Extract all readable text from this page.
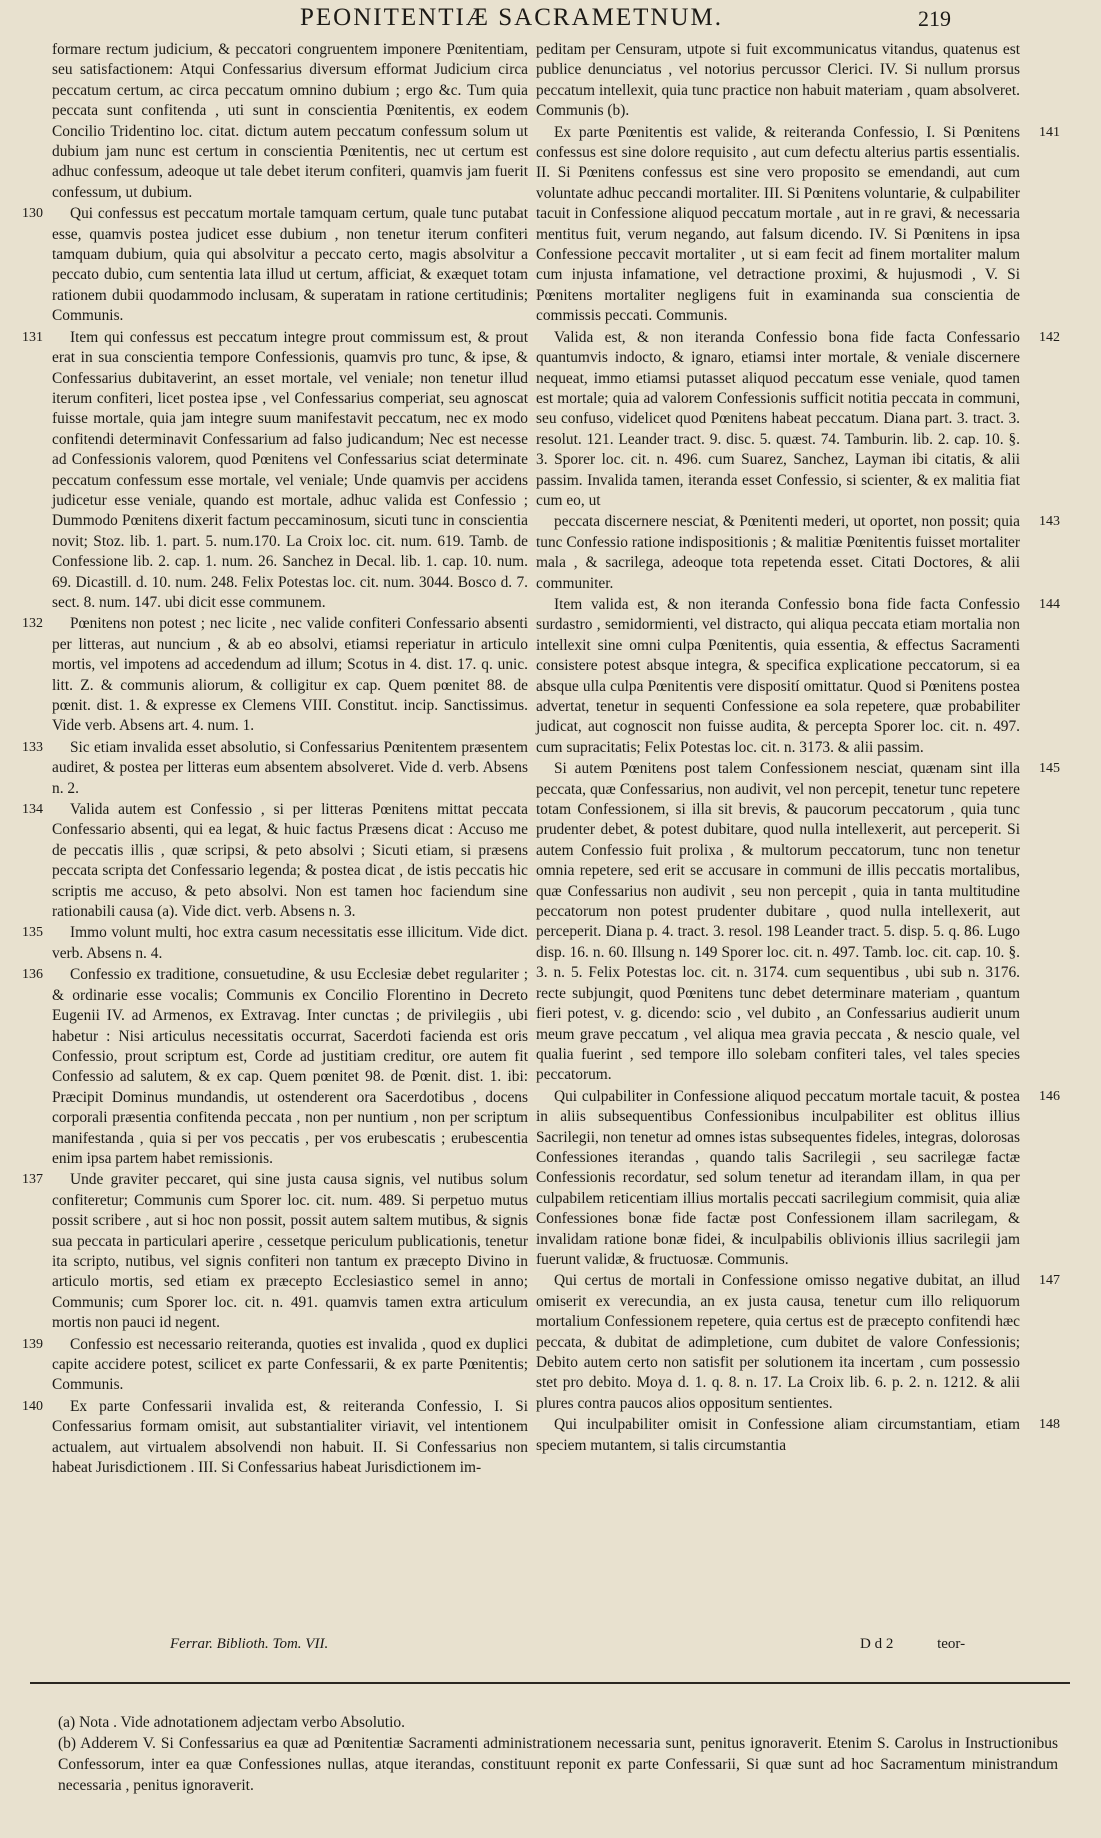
PEONITENTIÆ SACRAMETNUM.	219

formare rectum judicium, & peccatori congruentem imponere Pœnitentiam, seu satisfactionem: Atqui Confessarius diversum efformat Judicium circa peccatum certum, ac circa peccatum omnino dubium ; ergo &c. Tum quia peccata sunt confitenda , uti sunt in conscientia Pœnitentis, ex eodem Concilio Tridentino loc. citat. dictum autem peccatum confessum solum ut dubium jam nunc est certum in conscientia Pœnitentis, nec ut certum est adhuc confessum, adeoque ut tale debet iterum confiteri, quamvis jam fuerit confessum, ut dubium.

130 Qui confessus est peccatum mortale tamquam certum, quale tunc putabat esse, quamvis postea judicet esse dubium , non tenetur iterum confiteri tamquam dubium, quia qui absolvitur a peccato certo, magis absolvitur a peccato dubio, cum sententia lata illud ut certum, afficiat, & exæquet totam rationem dubii quodammodo inclusam, & superatam in ratione certitudinis; Communis.

131 Item qui confessus est peccatum integre prout commissum est, & prout erat in sua conscientia tempore Confessionis, quamvis pro tunc, & ipse, & Confessarius dubitaverint, an esset mortale, vel veniale; non tenetur illud iterum confiteri, licet postea ipse , vel Confessarius comperiat, seu agnoscat fuisse mortale, quia jam integre suum manifestavit peccatum, nec ex modo confitendi determinavit Confessarium ad falso judicandum; Nec est necesse ad Confessionis valorem, quod Pœnitens vel Confessarius sciat determinate peccatum confessum esse mortale, vel veniale; Unde quamvis per accidens judicetur esse veniale, quando est mortale, adhuc valida est Confessio ; Dummodo Pœnitens dixerit factum peccaminosum, sicuti tunc in conscientia novit; Stoz. lib. 1. part. 5. num.170. La Croix loc. cit. num. 619. Tamb. de Confessione lib. 2. cap. 1. num. 26. Sanchez in Decal. lib. 1. cap. 10. num. 69. Dicastill. d. 10. num. 248. Felix Potestas loc. cit. num. 3044. Bosco d. 7. sect. 8. num. 147. ubi dicit esse communem.

132 Pœnitens non potest ; nec licite , nec valide confiteri Confessario absenti per litteras, aut nuncium , & ab eo absolvi, etiamsi reperiatur in articulo mortis, vel impotens ad accedendum ad illum; Scotus in 4. dist. 17. q. unic. litt. Z. & communis aliorum, & colligitur ex cap. Quem pœnitet 88. de pœnit. dist. 1. & expresse ex Clemens VIII. Constitut. incip. Sanctissimus. Vide verb. Absens art. 4. num. 1.

133 Sic etiam invalida esset absolutio, si Confessarius Pœnitentem præsentem audiret, & postea per litteras eum absentem absolveret. Vide d. verb. Absens n. 2.

134 Valida autem est Confessio , si per litteras Pœnitens mittat peccata Confessario absenti, qui ea legat, & huic factus Præsens dicat : Accuso me de peccatis illis , quæ scripsi, & peto absolvi ; Sicuti etiam, si præsens peccata scripta det Confessario legenda; & postea dicat , de istis peccatis hic scriptis me accuso, & peto absolvi. Non est tamen hoc faciendum sine rationabili causa (a). Vide dict. verb. Absens n. 3.

135 Immo volunt multi, hoc extra casum necessitatis esse illicitum. Vide dict. verb. Absens n. 4.

136 Confessio ex traditione, consuetudine, & usu Ecclesiæ debet regulariter ; & ordinarie esse vocalis; Communis ex Concilio Florentino in Decreto Eugenii IV. ad Armenos, ex Extravag. Inter cunctas ; de privilegiis , ubi habetur : Nisi articulus necessitatis occurrat, Sacerdoti facienda est oris Confessio, prout scriptum est, Corde ad justitiam creditur, ore autem fit Confessio ad salutem, & ex cap. Quem pœnitet 98. de Pœnit. dist. 1. ibi: Præcipit Dominus mundandis, ut ostenderent ora Sacerdotibus , docens corporali præsentia confitenda peccata , non per nuntium , non per scriptum manifestanda , quia si per vos peccatis , per vos erubescatis ; erubescentia enim ipsa partem habet remissionis.

137 Unde graviter peccaret, qui sine justa causa signis, vel nutibus solum confiteretur; Communis cum Sporer loc. cit. num. 489. Si perpetuo mutus possit scribere , aut si hoc non possit, possit autem saltem mutibus, & signis sua peccata in particulari aperire , cessetque periculum publicationis, tenetur ita scripto, nutibus, vel signis confiteri non tantum ex præcepto Divino in articulo mortis, sed etiam ex præcepto Ecclesiastico semel in anno; Communis; cum Sporer loc. cit. n. 491. quamvis tamen extra articulum mortis non pauci id negent.

139 Confessio est necessario reiteranda, quoties est invalida , quod ex duplici capite accidere potest, scilicet ex parte Confessarii, & ex parte Pœnitentis; Communis.

140 Ex parte Confessarii invalida est, & reiteranda Confessio, I. Si Confessarius formam omisit, aut substantialiter viriavit, vel intentionem actualem, aut virtualem absolvendi non habuit. II. Si Confessarius non habeat Jurisdictionem . III. Si Confessarius habeat Jurisdictionem im-

peditam per Censuram, utpote si fuit excommunicatus vitandus, quatenus est publice denunciatus , vel notorius percussor Clerici. IV. Si nullum prorsus peccatum intellexit, quia tunc practice non habuit materiam , quam absolveret. Communis (b).

141
Ex parte Pœnitentis est valide, & reiteranda Confessio, I. Si Pœnitens confessus est sine dolore requisito , aut cum defectu alterius partis essentialis. II. Si Pœnitens confessus est sine vero proposito se emendandi, aut cum voluntate adhuc peccandi mortaliter. III. Si Pœnitens voluntarie, & culpabiliter tacuit in Confessione aliquod peccatum mortale , aut in re gravi, & necessaria mentitus fuit, verum negando, aut falsum dicendo. IV. Si Pœnitens in ipsa Confessione peccavit mortaliter , ut si eam fecit ad finem mortaliter malum cum injusta infamatione, vel detractione proximi, & hujusmodi , V. Si Pœnitens mortaliter negligens fuit in examinanda sua conscientia de commissis peccati. Communis.

142
Valida est, & non iteranda Confessio bona fide facta Confessario quantumvis indocto, & ignaro, etiamsi inter mortale, & veniale discernere nequeat, immo etiamsi putasset aliquod peccatum esse veniale, quod tamen est mortale; quia ad valorem Confessionis sufficit notitia peccata in communi, seu confuso, videlicet quod Pœnitens habeat peccatum. Diana part. 3. tract. 3. resolut. 121. Leander tract. 9. disc. 5. quæst. 74. Tamburin. lib. 2. cap. 10. §. 3. Sporer loc. cit. n. 496. cum Suarez, Sanchez, Layman ibi citatis, & alii passim. Invalida tamen, iteranda esset Confessio, si scienter, & ex malitia fiat cum eo, ut

143
peccata discernere nesciat, & Pœnitenti mederi, ut oportet, non possit; quia tunc Confessio ratione indispositionis ; & malitiæ Pœnitentis fuisset mortaliter mala , & sacrilega, adeoque tota repetenda esset. Citati Doctores, & alii communiter.

144
Item valida est, & non iteranda Confessio bona fide facta Confessio surdastro , semidormienti, vel distracto, qui aliqua peccata etiam mortalia non intellexit sine omni culpa Pœnitentis, quia essentia, & effectus Sacramenti consistere potest absque integra, & specifica explicatione peccatorum, si ea absque ulla culpa Pœnitentis vere disposití omittatur. Quod si Pœnitens postea advertat, tenetur in sequenti Confessione ea sola repetere, quæ probabiliter judicat, aut cognoscit non fuisse audita, & percepta Sporer loc. cit. n. 497. cum supracitatis; Felix Potestas loc. cit. n. 3173. & alii passim.

145
Si autem Pœnitens post talem Confessionem nesciat, quænam sint illa peccata, quæ Confessarius, non audivit, vel non percepit, tenetur tunc repetere totam Confessionem, si illa sit brevis, & paucorum peccatorum , quia tunc prudenter debet, & potest dubitare, quod nulla intellexerit, aut perceperit. Si autem Confessio fuit prolixa , & multorum peccatorum, tunc non tenetur omnia repetere, sed erit se accusare in communi de illis peccatis mortalibus, quæ Confessarius non audivit , seu non percepit , quia in tanta multitudine peccatorum non potest prudenter dubitare , quod nulla intellexerit, aut perceperit. Diana p. 4. tract. 3. resol. 198 Leander tract. 5. disp. 5. q. 86. Lugo disp. 16. n. 60. Illsung n. 149 Sporer loc. cit. n. 497. Tamb. loc. cit. cap. 10. §. 3. n. 5. Felix Potestas loc. cit. n. 3174. cum sequentibus , ubi sub n. 3176. recte subjungit, quod Pœnitens tunc debet determinare materiam , quantum fieri potest, v. g. dicendo: scio , vel dubito , an Confessarius audierit unum meum grave peccatum , vel aliqua mea gravia peccata , & nescio quale, vel qualia fuerint , sed tempore illo solebam confiteri tales, vel tales species peccatorum.

146
Qui culpabiliter in Confessione aliquod peccatum mortale tacuit, & postea in aliis subsequentibus Confessionibus inculpabiliter est oblitus illius Sacrilegii, non tenetur ad omnes istas subsequentes fideles, integras, dolorosas Confessiones iterandas , quando talis Sacrilegii , seu sacrilegæ factæ Confessionis recordatur, sed solum tenetur ad iterandam illam, in qua per culpabilem reticentiam illius mortalis peccati sacrilegium commisit, quia aliæ Confessiones bonæ fide factæ post Confessionem illam sacrilegam, & invalidam ratione bonæ fidei, & inculpabilis oblivionis illius sacrilegii jam fuerunt validæ, & fructuosæ. Communis.

147
Qui certus de mortali in Confessione omisso negative dubitat, an illud omiserit ex verecundia, an ex justa causa, tenetur cum illo reliquorum mortalium Confessionem repetere, quia certus est de præcepto confitendi hæc peccata, & dubitat de adimpletione, cum dubitet de valore Confessionis; Debito autem certo non satisfit per solutionem ita incertam , cum possessio stet pro debito. Moya d. 1. q. 8. n. 17. La Croix lib. 6. p. 2. n. 1212. & alii plures contra paucos alios oppositum sentientes.

148
Qui inculpabiliter omisit in Confessione aliam circumstantiam, etiam speciem mutantem, si talis circumstantia

Ferrar. Biblioth. Tom. VII.	D d 2	teor-

(a) Nota . Vide adnotationem adjectam verbo Absolutio.

(b) Adderem V. Si Confessarius ea quæ ad Pœnitentiæ Sacramenti administrationem necessaria sunt, penitus ignoraverit. Etenim S. Carolus in Instructionibus Confessorum, inter ea quæ Confessiones nullas, atque iterandas, constituunt reponit ex parte Confessarii, Si quæ sunt ad hoc Sacramentum ministrandum necessaria , penitus ignoraverit.
